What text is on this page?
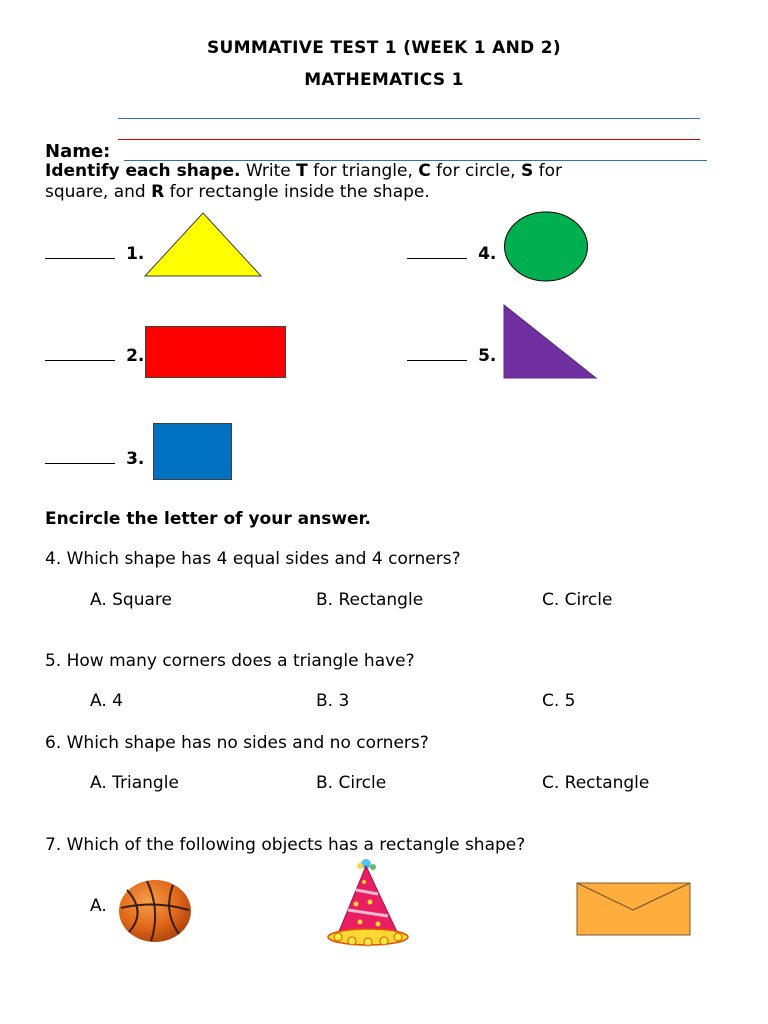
SUMMATIVE TEST 1 (WEEK 1 AND 2)
MATHEMATICS 1
Name:
Identify each shape. Write T for triangle, C for circle, S for
square, and R for rectangle inside the shape.
1.
2.
3.
4.
5.
Encircle the letter of your answer.
4. Which shape has 4 equal sides and 4 corners?
A. Square	B. Rectangle	C. Circle
5. How many corners does a triangle have?
A. 4	B. 3	C. 5
6. Which shape has no sides and no corners?
A. Triangle	B. Circle	C. Rectangle
7. Which of the following objects has a rectangle shape?
A.
